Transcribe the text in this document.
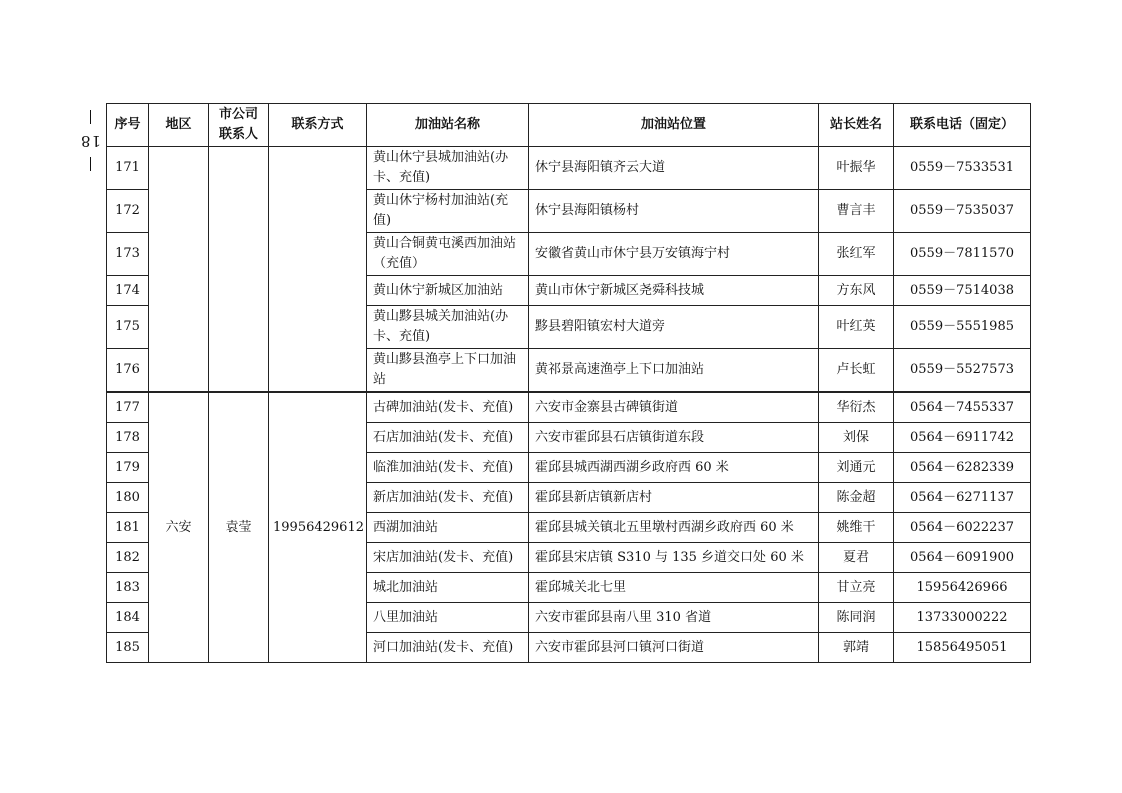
18
序号	地区	市公司联系人	联系方式	加油站名称	加油站位置	站长姓名	联系电话（固定）
171				黄山休宁县城加油站(办卡、充值)	休宁县海阳镇齐云大道	叶振华	0559－7533531
172				黄山休宁杨村加油站(充值)	休宁县海阳镇杨村	曹言丰	0559－7535037
173				黄山合铜黄屯溪西加油站（充值）	安徽省黄山市休宁县万安镇海宁村	张红军	0559－7811570
174				黄山休宁新城区加油站	黄山市休宁新城区尧舜科技城	方东风	0559－7514038
175				黄山黟县城关加油站(办卡、充值)	黟县碧阳镇宏村大道旁	叶红英	0559－5551985
176				黄山黟县渔亭上下口加油站	黄祁景高速渔亭上下口加油站	卢长虹	0559－5527573
177	六安	袁莹	19956429612	古碑加油站(发卡、充值)	六安市金寨县古碑镇街道	华衍杰	0564－7455337
178				石店加油站(发卡、充值)	六安市霍邱县石店镇街道东段	刘保	0564－6911742
179				临淮加油站(发卡、充值)	霍邱县城西湖西湖乡政府西 60 米	刘通元	0564－6282339
180				新店加油站(发卡、充值)	霍邱县新店镇新店村	陈金超	0564－6271137
181				西湖加油站	霍邱县城关镇北五里墩村西湖乡政府西 60 米	姚维干	0564－6022237
182				宋店加油站(发卡、充值)	霍邱县宋店镇 S310 与 135 乡道交口处 60 米	夏君	0564－6091900
183				城北加油站	霍邱城关北七里	甘立亮	15956426966
184				八里加油站	六安市霍邱县南八里 310 省道	陈同润	13733000222
185				河口加油站(发卡、充值)	六安市霍邱县河口镇河口街道	郭靖	15856495051
